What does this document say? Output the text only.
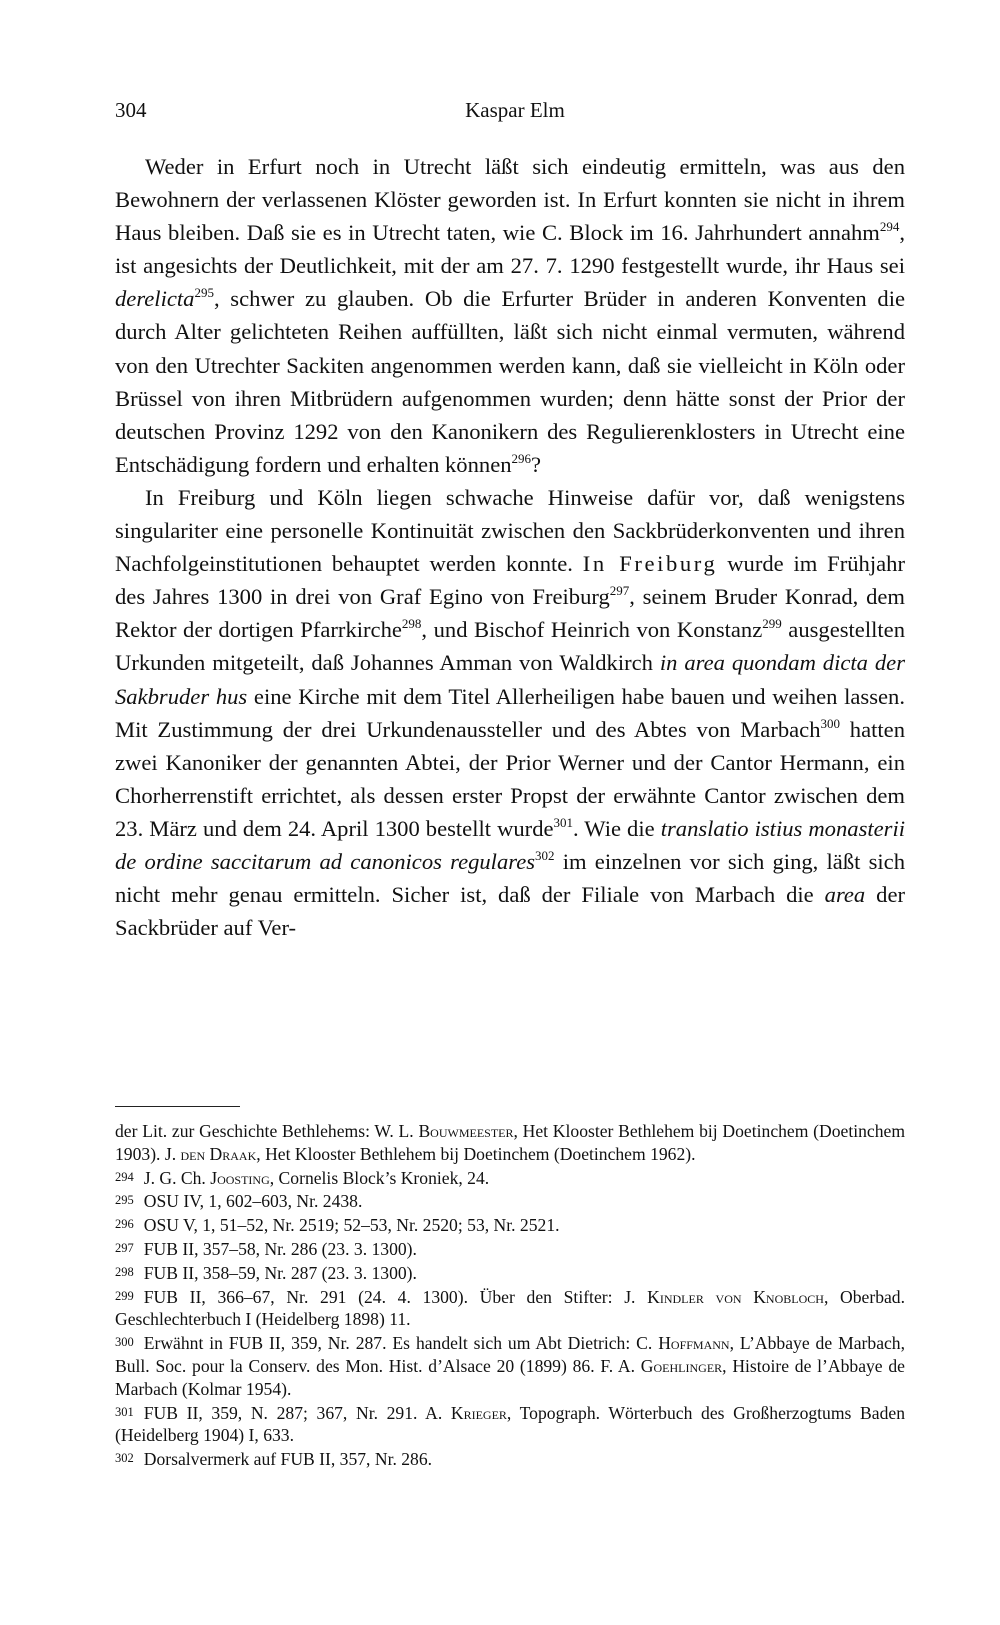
304	Kaspar Elm

Weder in Erfurt noch in Utrecht läßt sich eindeutig ermitteln, was aus den Bewohnern der verlassenen Klöster geworden ist. In Erfurt konnten sie nicht in ihrem Haus bleiben. Daß sie es in Utrecht taten, wie C. Block im 16. Jahrhundert annahm$^{294}$, ist angesichts der Deutlichkeit, mit der am 27. 7. 1290 festgestellt wurde, ihr Haus sei derelicta$^{295}$, schwer zu glauben. Ob die Erfurter Brüder in anderen Konventen die durch Alter gelichteten Reihen auffüllten, läßt sich nicht einmal vermuten, während von den Utrechter Sackiten angenommen werden kann, daß sie vielleicht in Köln oder Brüssel von ihren Mitbrüdern aufgenommen wurden; denn hätte sonst der Prior der deutschen Provinz 1292 von den Kanonikern des Regulierenklosters in Utrecht eine Entschädigung fordern und erhalten können$^{296}$?

In Freiburg und Köln liegen schwache Hinweise dafür vor, daß wenigstens singulariter eine personelle Kontinuität zwischen den Sackbrüderkonventen und ihren Nachfolgeinstitutionen behauptet werden konnte. In Freiburg wurde im Frühjahr des Jahres 1300 in drei von Graf Egino von Freiburg$^{297}$, seinem Bruder Konrad, dem Rektor der dortigen Pfarrkirche$^{298}$, und Bischof Heinrich von Konstanz$^{299}$ ausgestellten Urkunden mitgeteilt, daß Johannes Amman von Waldkirch in area quondam dicta der Sakbruder hus eine Kirche mit dem Titel Allerheiligen habe bauen und weihen lassen. Mit Zustimmung der drei Urkundenaussteller und des Abtes von Marbach$^{300}$ hatten zwei Kanoniker der genannten Abtei, der Prior Werner und der Cantor Hermann, ein Chorherrenstift errichtet, als dessen erster Propst der erwähnte Cantor zwischen dem 23. März und dem 24. April 1300 bestellt wurde$^{301}$. Wie die translatio istius monasterii de ordine saccitarum ad canonicos regulares$^{302}$ im einzelnen vor sich ging, läßt sich nicht mehr genau ermitteln. Sicher ist, daß der Filiale von Marbach die area der Sackbrüder auf Ver-

der Lit. zur Geschichte Bethlehems: W. L. Bouwmeester, Het Klooster Bethlehem bij Doetinchem (Doetinchem 1903). J. den Draak, Het Klooster Bethlehem bij Doetinchem (Doetinchem 1962).

294 J. G. Ch. Joosting, Cornelis Block’s Kroniek, 24.

295 OSU IV, 1, 602–603, Nr. 2438.

296 OSU V, 1, 51–52, Nr. 2519; 52–53, Nr. 2520; 53, Nr. 2521.

297 FUB II, 357–58, Nr. 286 (23. 3. 1300).

298 FUB II, 358–59, Nr. 287 (23. 3. 1300).

299 FUB II, 366–67, Nr. 291 (24. 4. 1300). Über den Stifter: J. Kindler von Knobloch, Oberbad. Geschlechterbuch I (Heidelberg 1898) 11.

300 Erwähnt in FUB II, 359, Nr. 287. Es handelt sich um Abt Dietrich: C. Hoffmann, L’Abbaye de Marbach, Bull. Soc. pour la Conserv. des Mon. Hist. d’Alsace 20 (1899) 86. F. A. Goehlinger, Histoire de l’Abbaye de Marbach (Kolmar 1954).

301 FUB II, 359, N. 287; 367, Nr. 291. A. Krieger, Topograph. Wörterbuch des Großherzogtums Baden (Heidelberg 1904) I, 633.

302 Dorsalvermerk auf FUB II, 357, Nr. 286.
